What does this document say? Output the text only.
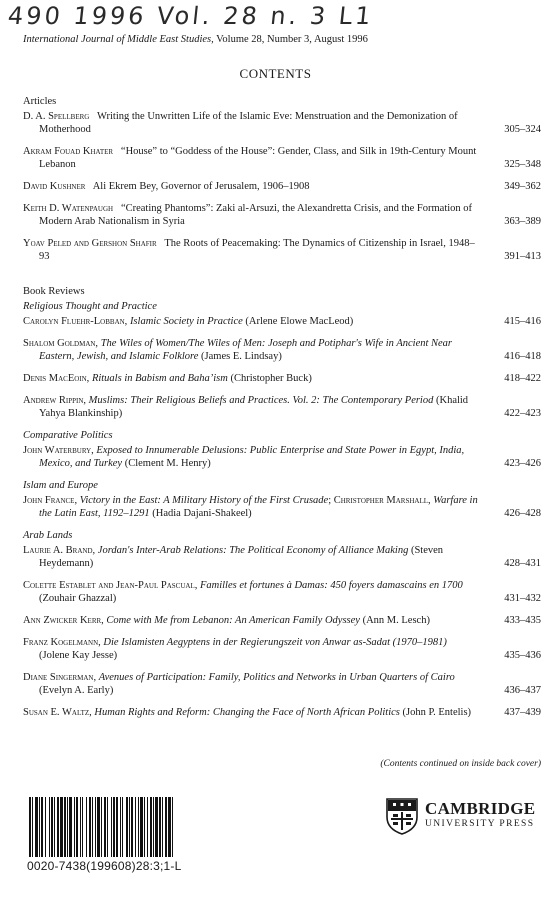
490 1996 Vol. 28 n. 3 L1
International Journal of Middle East Studies, Volume 28, Number 3, August 1996
CONTENTS
Articles
D. A. Spellberg Writing the Unwritten Life of the Islamic Eve: Menstruation and the Demonization of Motherhood	305–324
Akram Fouad Khater “House” to “Goddess of the House”: Gender, Class, and Silk in 19th-Century Mount Lebanon	325–348
David Kushner Ali Ekrem Bey, Governor of Jerusalem, 1906–1908	349–362
Keith D. Watenpaugh “Creating Phantoms”: Zaki al-Arsuzi, the Alexandretta Crisis, and the Formation of Modern Arab Nationalism in Syria	363–389
Yoav Peled and Gershon Shafir The Roots of Peacemaking: The Dynamics of Citizenship in Israel, 1948–93	391–413
Book Reviews
Religious Thought and Practice
Carolyn Fluehr-Lobban, Islamic Society in Practice (Arlene Elowe MacLeod)	415–416
Shalom Goldman, The Wiles of Women/The Wiles of Men: Joseph and Potiphar's Wife in Ancient Near Eastern, Jewish, and Islamic Folklore (James E. Lindsay)	416–418
Denis MacEoin, Rituals in Babism and Baha’ism (Christopher Buck)	418–422
Andrew Rippin, Muslims: Their Religious Beliefs and Practices. Vol. 2: The Contemporary Period (Khalid Yahya Blankinship)	422–423
Comparative Politics
John Waterbury, Exposed to Innumerable Delusions: Public Enterprise and State Power in Egypt, India, Mexico, and Turkey (Clement M. Henry)	423–426
Islam and Europe
John France, Victory in the East: A Military History of the First Crusade; Christopher Marshall, Warfare in the Latin East, 1192–1291 (Hadia Dajani-Shakeel)	426–428
Arab Lands
Laurie A. Brand, Jordan's Inter-Arab Relations: The Political Economy of Alliance Making (Steven Heydemann)	428–431
Colette Establet and Jean-Paul Pascual, Familles et fortunes à Damas: 450 foyers damascains en 1700 (Zouhair Ghazzal)	431–432
Ann Zwicker Kerr, Come with Me from Lebanon: An American Family Odyssey (Ann M. Lesch)	433–435
Franz Kogelmann, Die Islamisten Aegyptens in der Regierungszeit von Anwar as-Sadat (1970–1981) (Jolene Kay Jesse)	435–436
Diane Singerman, Avenues of Participation: Family, Politics and Networks in Urban Quarters of Cairo (Evelyn A. Early)	436–437
Susan E. Waltz, Human Rights and Reform: Changing the Face of North African Politics (John P. Entelis)	437–439
(Contents continued on inside back cover)
0020-7438(199608)28:3;1-L
CAMBRIDGE
UNIVERSITY PRESS
